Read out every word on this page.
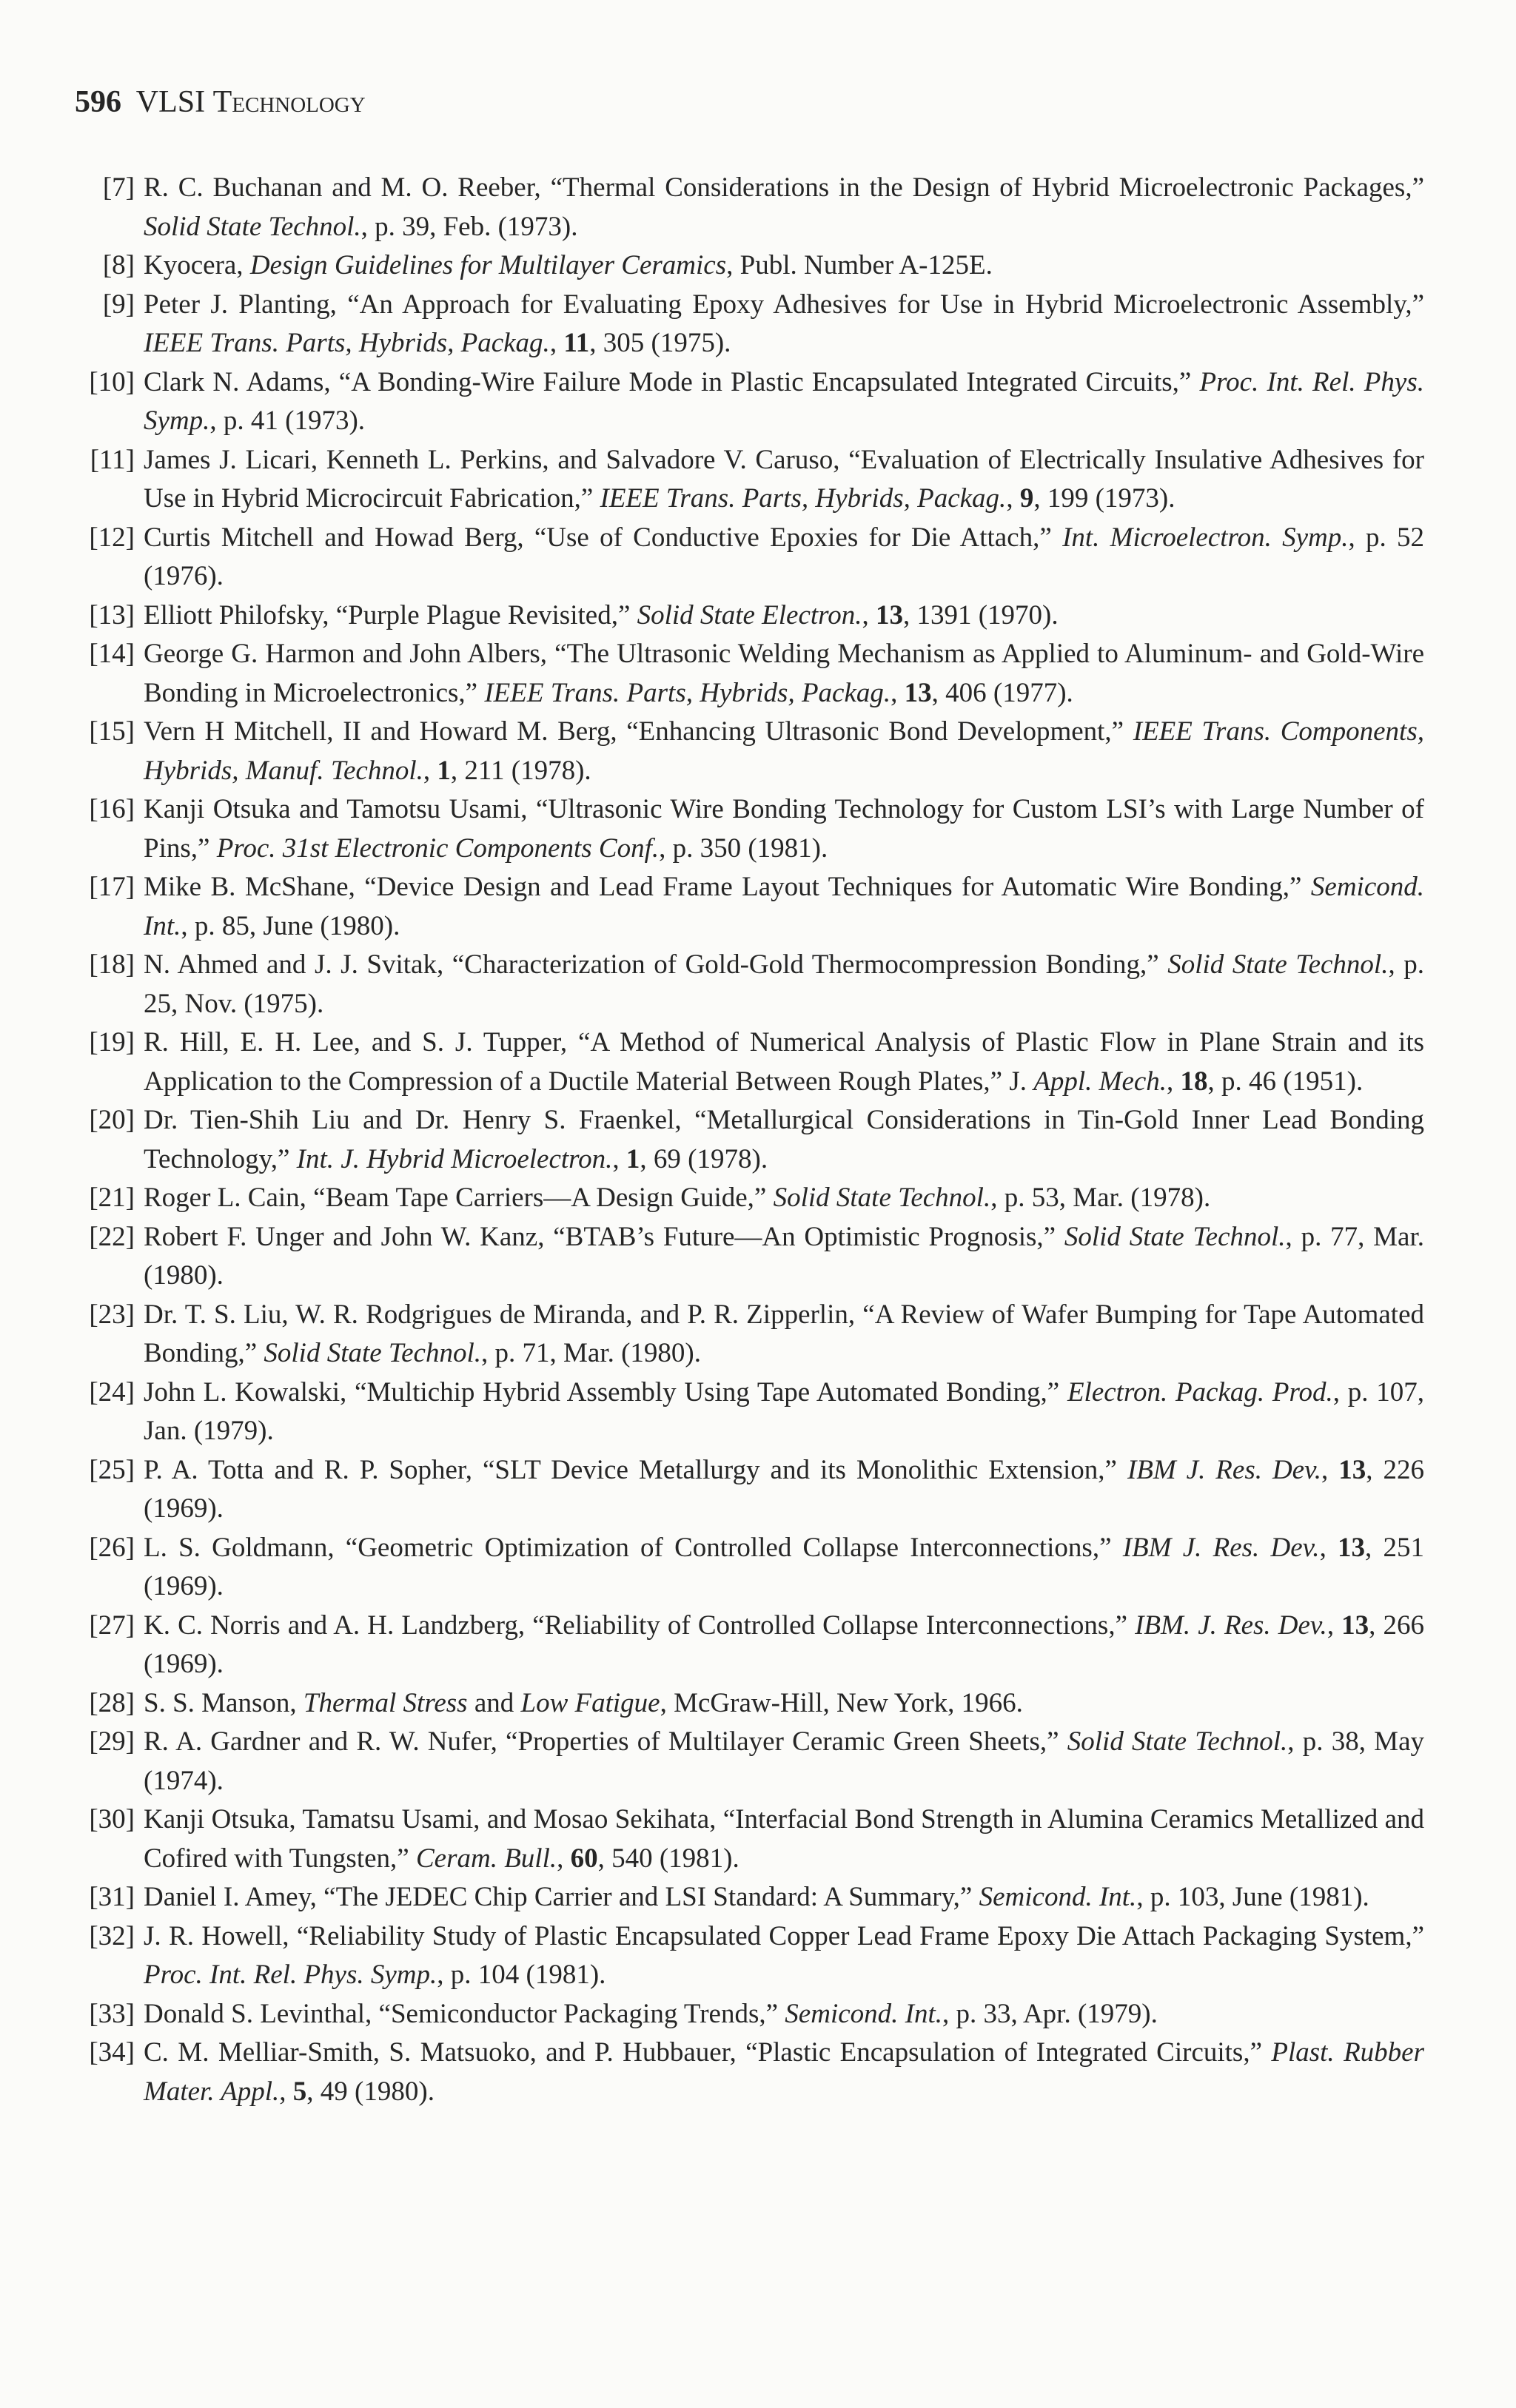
596 VLSI Technology
[7] R. C. Buchanan and M. O. Reeber, “Thermal Considerations in the Design of Hybrid Microelectronic Packages,” Solid State Technol., p. 39, Feb. (1973).
[8] Kyocera, Design Guidelines for Multilayer Ceramics, Publ. Number A-125E.
[9] Peter J. Planting, “An Approach for Evaluating Epoxy Adhesives for Use in Hybrid Microelectronic Assembly,” IEEE Trans. Parts, Hybrids, Packag., 11, 305 (1975).
[10] Clark N. Adams, “A Bonding-Wire Failure Mode in Plastic Encapsulated Integrated Circuits,” Proc. Int. Rel. Phys. Symp., p. 41 (1973).
[11] James J. Licari, Kenneth L. Perkins, and Salvadore V. Caruso, “Evaluation of Electrically Insulative Adhesives for Use in Hybrid Microcircuit Fabrication,” IEEE Trans. Parts, Hybrids, Packag., 9, 199 (1973).
[12] Curtis Mitchell and Howad Berg, “Use of Conductive Epoxies for Die Attach,” Int. Microelectron. Symp., p. 52 (1976).
[13] Elliott Philofsky, “Purple Plague Revisited,” Solid State Electron., 13, 1391 (1970).
[14] George G. Harmon and John Albers, “The Ultrasonic Welding Mechanism as Applied to Aluminum- and Gold-Wire Bonding in Microelectronics,” IEEE Trans. Parts, Hybrids, Packag., 13, 406 (1977).
[15] Vern H Mitchell, II and Howard M. Berg, “Enhancing Ultrasonic Bond Development,” IEEE Trans. Components, Hybrids, Manuf. Technol., 1, 211 (1978).
[16] Kanji Otsuka and Tamotsu Usami, “Ultrasonic Wire Bonding Technology for Custom LSI’s with Large Number of Pins,” Proc. 31st Electronic Components Conf., p. 350 (1981).
[17] Mike B. McShane, “Device Design and Lead Frame Layout Techniques for Automatic Wire Bonding,” Semicond. Int., p. 85, June (1980).
[18] N. Ahmed and J. J. Svitak, “Characterization of Gold-Gold Thermocompression Bonding,” Solid State Technol., p. 25, Nov. (1975).
[19] R. Hill, E. H. Lee, and S. J. Tupper, “A Method of Numerical Analysis of Plastic Flow in Plane Strain and its Application to the Compression of a Ductile Material Between Rough Plates,” J. Appl. Mech., 18, p. 46 (1951).
[20] Dr. Tien-Shih Liu and Dr. Henry S. Fraenkel, “Metallurgical Considerations in Tin-Gold Inner Lead Bonding Technology,” Int. J. Hybrid Microelectron., 1, 69 (1978).
[21] Roger L. Cain, “Beam Tape Carriers—A Design Guide,” Solid State Technol., p. 53, Mar. (1978).
[22] Robert F. Unger and John W. Kanz, “BTAB’s Future—An Optimistic Prognosis,” Solid State Technol., p. 77, Mar. (1980).
[23] Dr. T. S. Liu, W. R. Rodgrigues de Miranda, and P. R. Zipperlin, “A Review of Wafer Bumping for Tape Automated Bonding,” Solid State Technol., p. 71, Mar. (1980).
[24] John L. Kowalski, “Multichip Hybrid Assembly Using Tape Automated Bonding,” Electron. Packag. Prod., p. 107, Jan. (1979).
[25] P. A. Totta and R. P. Sopher, “SLT Device Metallurgy and its Monolithic Extension,” IBM J. Res. Dev., 13, 226 (1969).
[26] L. S. Goldmann, “Geometric Optimization of Controlled Collapse Interconnections,” IBM J. Res. Dev., 13, 251 (1969).
[27] K. C. Norris and A. H. Landzberg, “Reliability of Controlled Collapse Interconnections,” IBM. J. Res. Dev., 13, 266 (1969).
[28] S. S. Manson, Thermal Stress and Low Fatigue, McGraw-Hill, New York, 1966.
[29] R. A. Gardner and R. W. Nufer, “Properties of Multilayer Ceramic Green Sheets,” Solid State Technol., p. 38, May (1974).
[30] Kanji Otsuka, Tamatsu Usami, and Mosao Sekihata, “Interfacial Bond Strength in Alumina Ceramics Metallized and Cofired with Tungsten,” Ceram. Bull., 60, 540 (1981).
[31] Daniel I. Amey, “The JEDEC Chip Carrier and LSI Standard: A Summary,” Semicond. Int., p. 103, June (1981).
[32] J. R. Howell, “Reliability Study of Plastic Encapsulated Copper Lead Frame Epoxy Die Attach Packaging System,” Proc. Int. Rel. Phys. Symp., p. 104 (1981).
[33] Donald S. Levinthal, “Semiconductor Packaging Trends,” Semicond. Int., p. 33, Apr. (1979).
[34] C. M. Melliar-Smith, S. Matsuoko, and P. Hubbauer, “Plastic Encapsulation of Integrated Circuits,” Plast. Rubber Mater. Appl., 5, 49 (1980).
